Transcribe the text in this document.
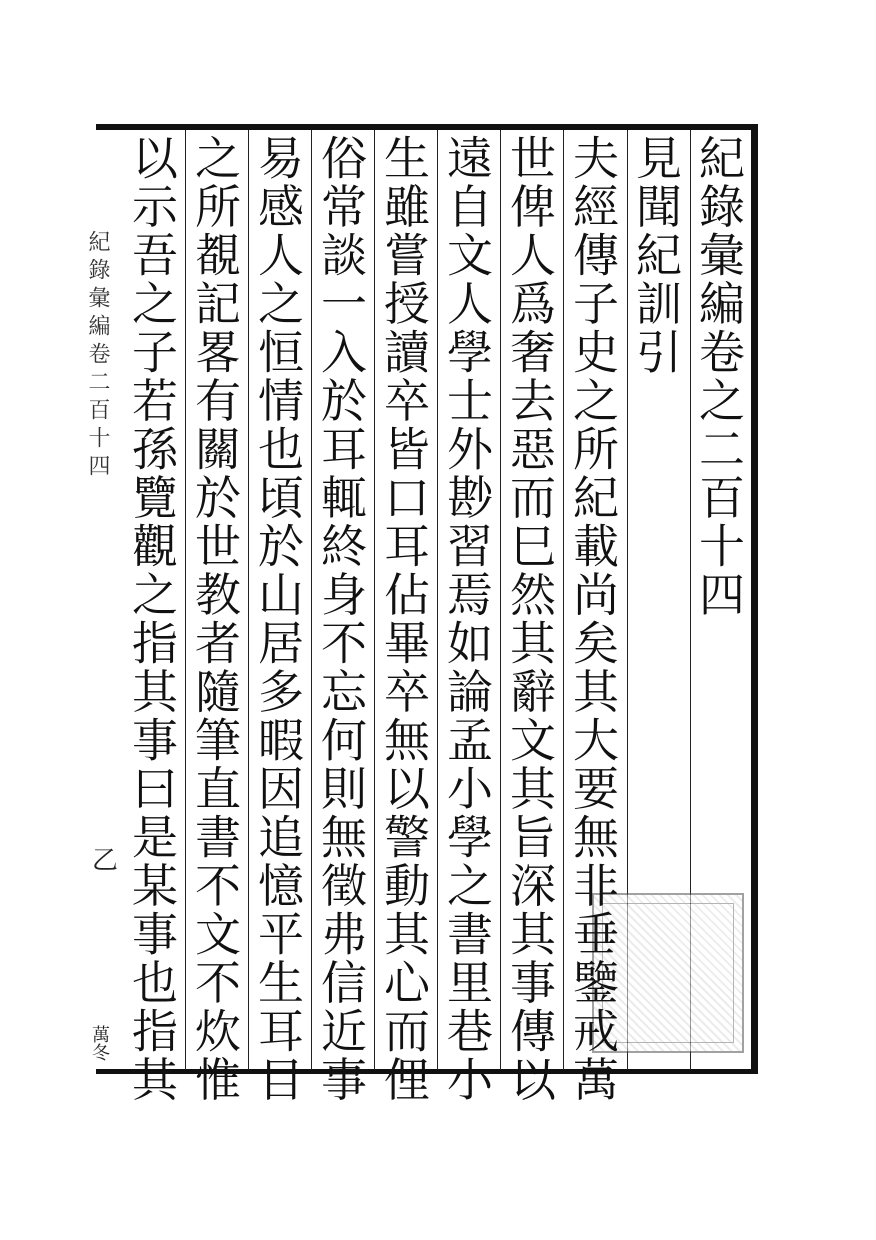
紀錄彙編卷之二百十四
見聞紀訓引
夫經傳子史之所紀載尚矣其大要無非垂鑒戒萬
世俾人爲奢去惡而巳然其辭文其旨深其事傳以
遠自文人學士外尠習焉如論孟小學之書里巷小
生雖嘗授讀卒皆口耳佔畢卒無以警動其心而俚
俗常談一入於耳輒終身不忘何則無徵弗信近事
易感人之恒情也頃於山居多暇因追憶平生耳目
之所覩記畧有關於世教者隨筆直書不文不炊惟
以示吾之子若孫覽觀之指其事曰是某事也指其
紀錄彙編卷二百十四
乙
萬冬
